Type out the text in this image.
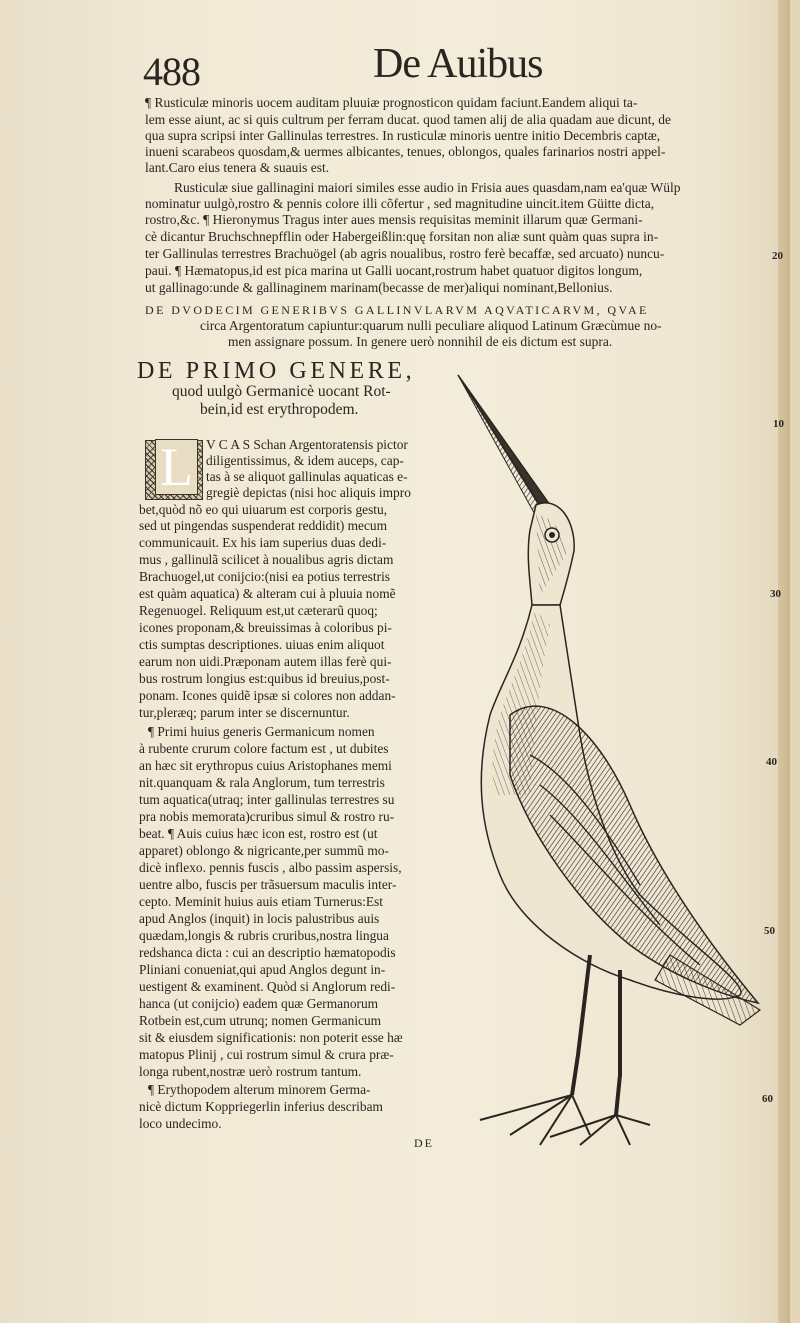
488	De Auibus
¶ Rusticulæ minoris uocem auditam pluuiæ prognosticon quidam faciunt.Eandem aliqui ta-
lem esse aiunt, ac si quis cultrum per ferram ducat. quod tamen alij de alia quadam aue dicunt, de
qua supra scripsi inter Gallinulas terrestres. In rusticulæ minoris uentre initio Decembris captæ,
inueni scarabeos quosdam,& uermes albicantes, tenues, oblongos, quales farinarios nostri appel-
lant.Caro eius tenera & suauis est.
Rusticulæ siue gallinagini maiori similes esse audio in Frisia aues quasdam,nam ea'quæ Wülp
nominatur uulgò,rostro & pennis colore illi cõfertur , sed magnitudine uincit.item Güitte dicta,
rostro,&c. ¶ Hieronymus Tragus inter aues mensis requisitas meminit illarum quæ Germani-
cè dicantur Bruchschnepfflin oder Habergeißlin:quę forsitan non aliæ sunt quàm quas supra in-
ter Gallinulas terrestres Brachuögel (ab agris noualibus, rostro ferè becaffæ, sed arcuato) nuncu-
paui. ¶ Hæmatopus,id est pica marina ut Galli uocant,rostrum habet quatuor digitos longum,
ut gallinago:unde & gallinaginem marinam(becasse de mer)aliqui nominant,Bellonius.
DE DVODECIM GENERIBVS GALLINVLARVM AQVATICARVM, QVAE
circa Argentoratum capiuntur:quarum nulli peculiare aliquod Latinum Græcùmue no-
men assignare possum. In genere uerò nonnihil de eis dictum est supra.
DE PRIMO GENERE,
quod uulgò Germanicè uocant Rot-
bein,id est erythropodem.
L V C A S Schan Argentoratensis pictor
diligentissimus, & idem auceps, cap-
tas à se aliquot gallinulas aquaticas e-
gregiè depictas (nisi hoc aliquis impro
bet,quòd nõ eo qui uiuarum est corporis gestu,
sed ut pingendas suspenderat reddidit) mecum
communicauit. Ex his iam superius duas dedi-
mus , gallinulã scilicet à noualibus agris dictam
Brachuogel,ut conijcio:(nisi ea potius terrestris
est quàm aquatica) & alteram cui à pluuia nomẽ
Regenuogel. Reliquum est,ut cæterarũ quoq;
icones proponam,& breuissimas à coloribus pi-
ctis sumptas descriptiones. uiuas enim aliquot
earum non uidi.Præponam autem illas ferè qui-
bus rostrum longius est:quibus id breuius,post-
ponam. Icones quidẽ ipsæ si colores non addan-
tur,pleræq; parum inter se discernuntur.
¶ Primi huius generis Germanicum nomen
à rubente crurum colore factum est , ut dubites
an hæc sit erythropus cuius Aristophanes memi
nit.quanquam & rala Anglorum, tum terrestris
tum aquatica(utraq; inter gallinulas terrestres su
pra nobis memorata)cruribus simul & rostro ru-
beat. ¶ Auis cuius hæc icon est, rostro est (ut
apparet) oblongo & nigricante,per summũ mo-
dicè inflexo. pennis fuscis , albo passim aspersis,
uentre albo, fuscis per trãsuersum maculis inter-
cepto. Meminit huius auis etiam Turnerus:Est
apud Anglos (inquit) in locis palustribus auis
quædam,longis & rubris cruribus,nostra lingua
redshanca dicta : cui an descriptio hæmatopodis
Pliniani conueniat,qui apud Anglos degunt in-
uestigent & examinent. Quòd si Anglorum redi-
hanca (ut conijcio) eadem quæ Germanorum
Rotbein est,cum utrunq; nomen Germanicum
sit & eiusdem significationis: non poterit esse hæ
matopus Plinij , cui rostrum simul & crura præ-
longa rubent,nostræ uerò rostrum tantum.
¶ Erythopodem alterum minorem Germa-
nicè dictum Koppriegerlin inferius describam
loco undecimo.
DE
10
20
30
40
50
60
